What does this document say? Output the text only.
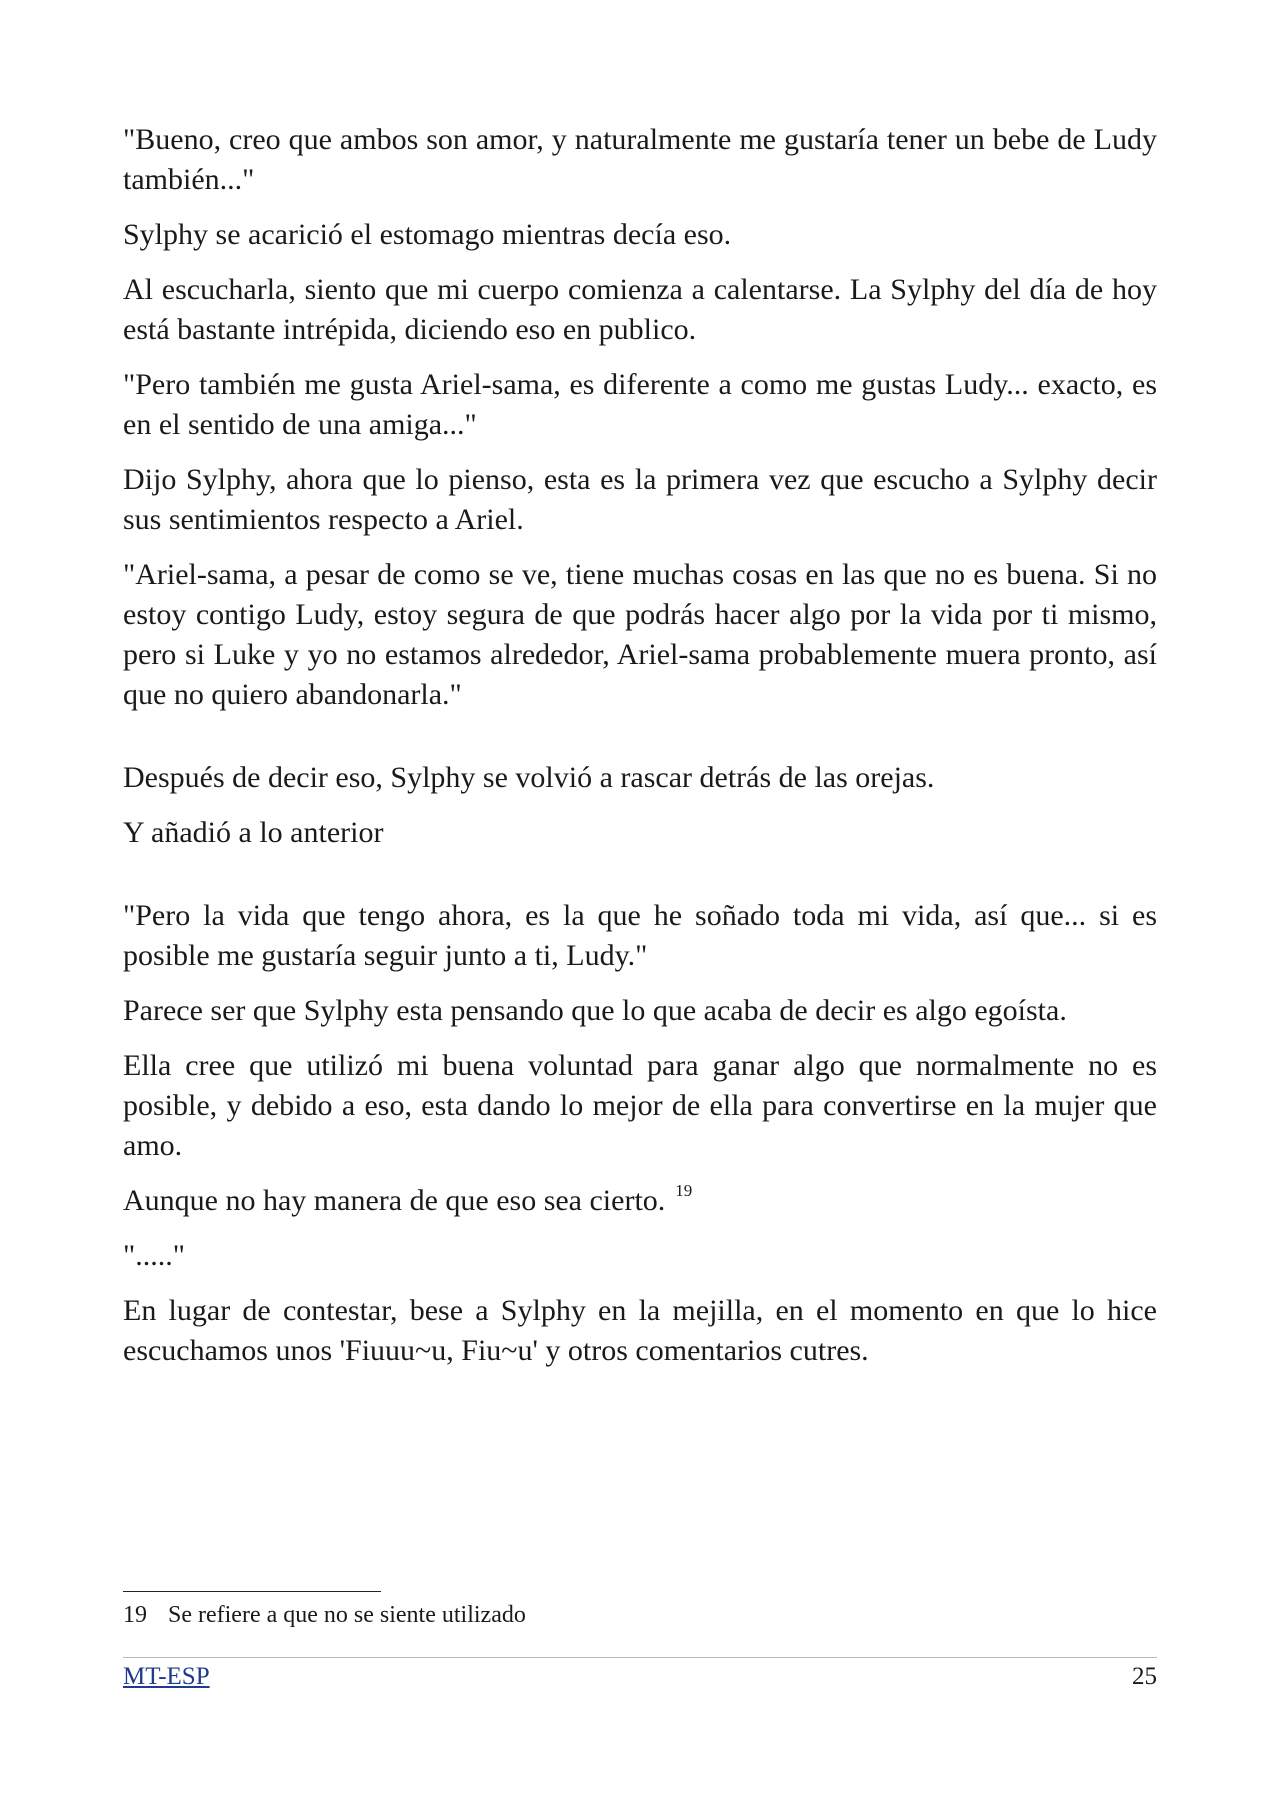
"Bueno, creo que ambos son amor, y naturalmente me gustaría tener un bebe de Ludy también..."

Sylphy se acarició el estomago mientras decía eso.

Al escucharla, siento que mi cuerpo comienza a calentarse. La Sylphy del día de hoy está bastante intrépida, diciendo eso en publico.

"Pero también me gusta Ariel-sama, es diferente a como me gustas Ludy... exacto, es en el sentido de una amiga..."

Dijo Sylphy, ahora que lo pienso, esta es la primera vez que escucho a Sylphy decir sus sentimientos respecto a Ariel.

"Ariel-sama, a pesar de como se ve, tiene muchas cosas en las que no es buena. Si no estoy contigo Ludy, estoy segura de que podrás hacer algo por la vida por ti mismo, pero si Luke y yo no estamos alrededor, Ariel-sama probablemente muera pronto, así que no quiero abandonarla."

Después de decir eso, Sylphy se volvió a rascar detrás de las orejas.

Y añadió a lo anterior

"Pero la vida que tengo ahora, es la que he soñado toda mi vida, así que... si es posible me gustaría seguir junto a ti, Ludy."

Parece ser que Sylphy esta pensando que lo que acaba de decir es algo egoísta.

Ella cree que utilizó mi buena voluntad para ganar algo que normalmente no es posible, y debido a eso, esta dando lo mejor de ella para convertirse en la mujer que amo.

Aunque no hay manera de que eso sea cierto. $^{19}$

"....."

En lugar de contestar, bese a Sylphy en la mejilla, en el momento en que lo hice escuchamos unos 'Fiuuu~u, Fiu~u' y otros comentarios cutres.

19 Se refiere a que no se siente utilizado
MT-ESP	25
